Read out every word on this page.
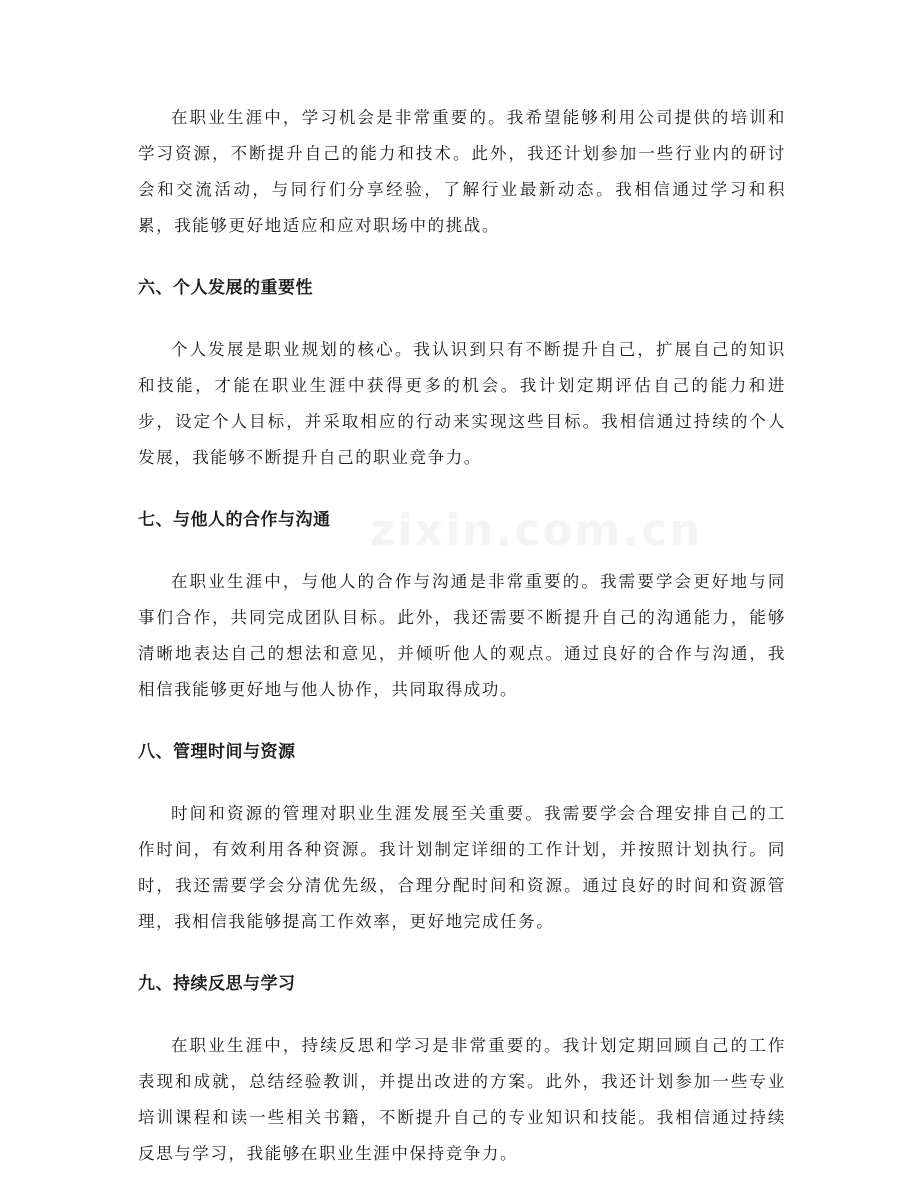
在职业生涯中，学习机会是非常重要的。我希望能够利用公司提供的培训和学习资源，不断提升自己的能力和技术。此外，我还计划参加一些行业内的研讨会和交流活动，与同行们分享经验，了解行业最新动态。我相信通过学习和积累，我能够更好地适应和应对职场中的挑战。

六、个人发展的重要性

个人发展是职业规划的核心。我认识到只有不断提升自己，扩展自己的知识和技能，才能在职业生涯中获得更多的机会。我计划定期评估自己的能力和进步，设定个人目标，并采取相应的行动来实现这些目标。我相信通过持续的个人发展，我能够不断提升自己的职业竞争力。

七、与他人的合作与沟通

在职业生涯中，与他人的合作与沟通是非常重要的。我需要学会更好地与同事们合作，共同完成团队目标。此外，我还需要不断提升自己的沟通能力，能够清晰地表达自己的想法和意见，并倾听他人的观点。通过良好的合作与沟通，我相信我能够更好地与他人协作，共同取得成功。

八、管理时间与资源

时间和资源的管理对职业生涯发展至关重要。我需要学会合理安排自己的工作时间，有效利用各种资源。我计划制定详细的工作计划，并按照计划执行。同时，我还需要学会分清优先级，合理分配时间和资源。通过良好的时间和资源管理，我相信我能够提高工作效率，更好地完成任务。

九、持续反思与学习

在职业生涯中，持续反思和学习是非常重要的。我计划定期回顾自己的工作表现和成就，总结经验教训，并提出改进的方案。此外，我还计划参加一些专业培训课程和读一些相关书籍，不断提升自己的专业知识和技能。我相信通过持续反思与学习，我能够在职业生涯中保持竞争力。
